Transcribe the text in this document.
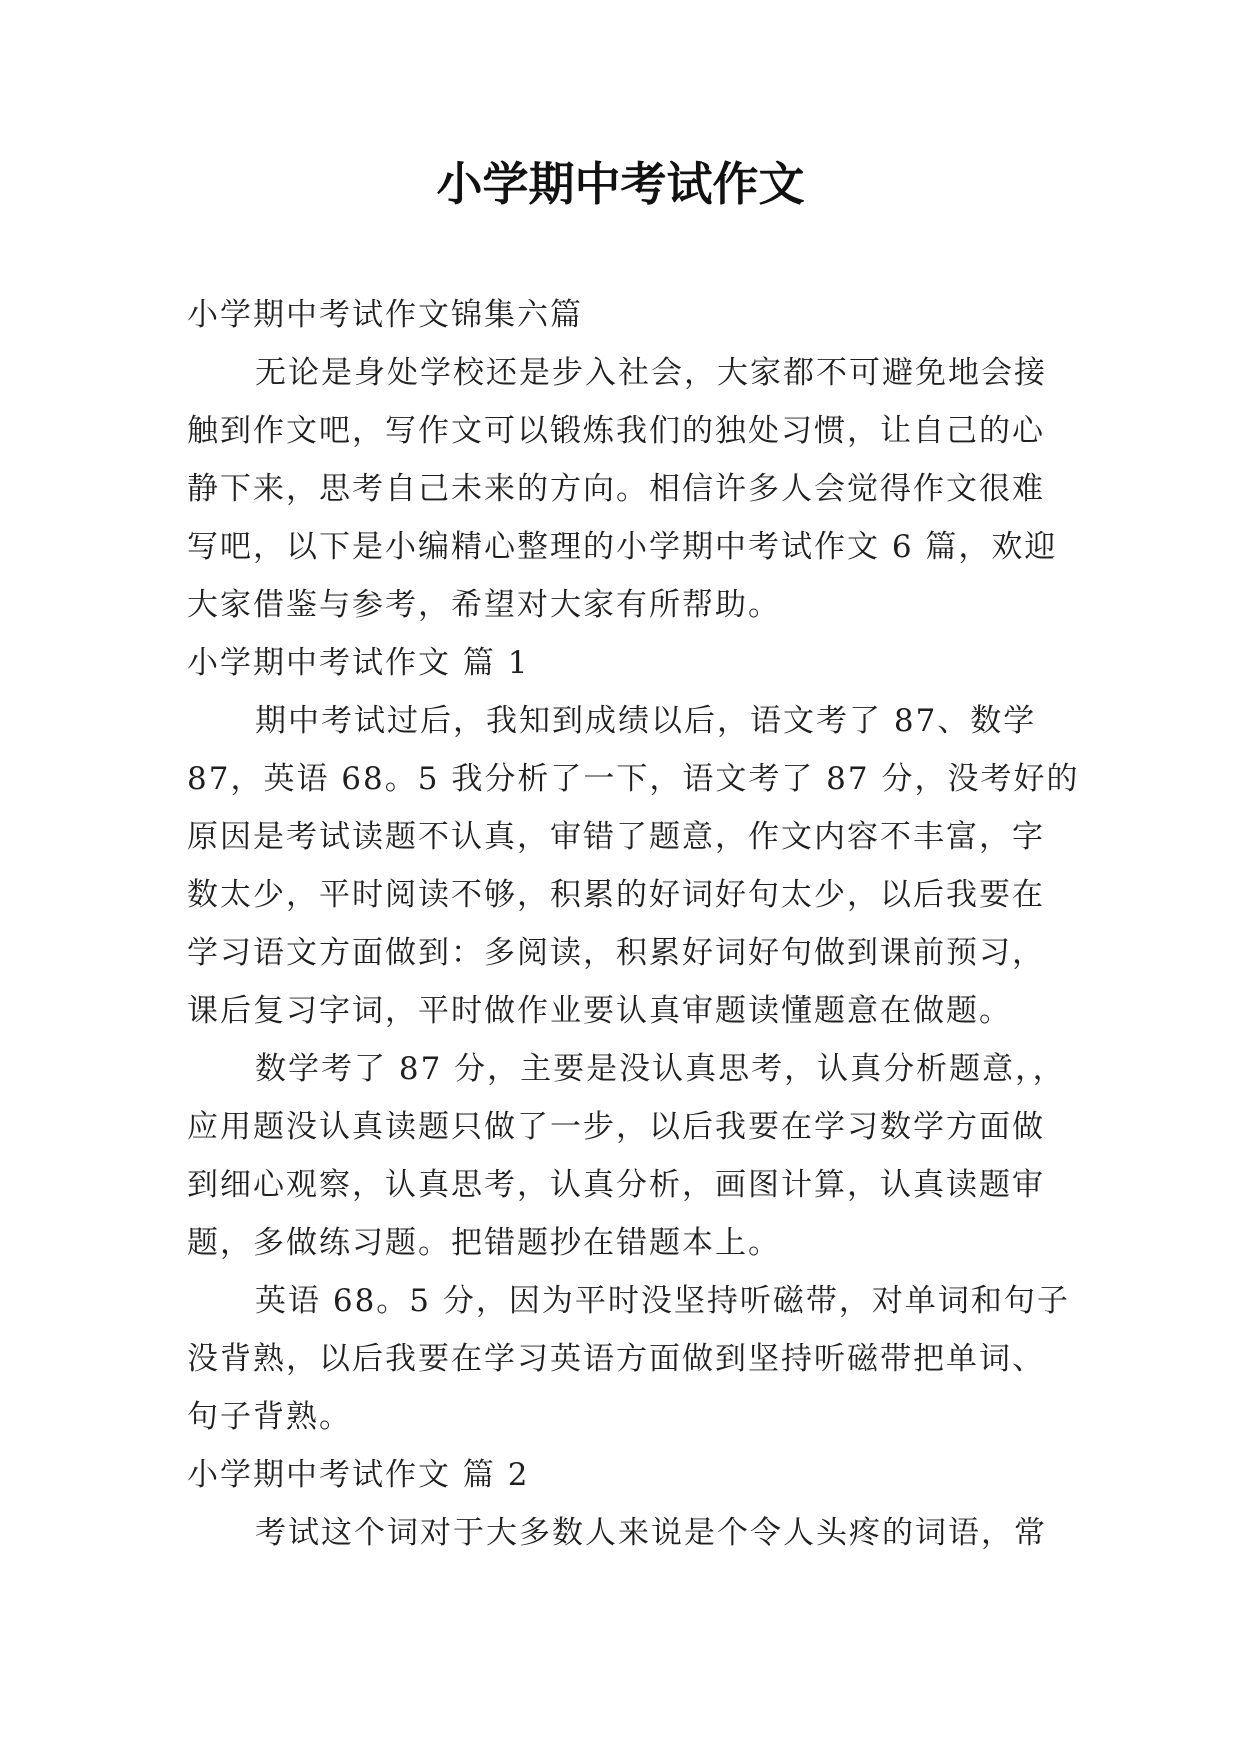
小学期中考试作文

小学期中考试作文锦集六篇

无论是身处学校还是步入社会，大家都不可避免地会接

触到作文吧，写作文可以锻炼我们的独处习惯，让自己的心

静下来，思考自己未来的方向。相信许多人会觉得作文很难

写吧，以下是小编精心整理的小学期中考试作文 6 篇，欢迎

大家借鉴与参考，希望对大家有所帮助。

小学期中考试作文 篇 1

期中考试过后，我知到成绩以后，语文考了 87、数学

87，英语 68。5 我分析了一下，语文考了 87 分，没考好的

原因是考试读题不认真，审错了题意，作文内容不丰富，字

数太少，平时阅读不够，积累的好词好句太少，以后我要在

学习语文方面做到：多阅读，积累好词好句做到课前预习，

课后复习字词，平时做作业要认真审题读懂题意在做题。

数学考了 87 分，主要是没认真思考，认真分析题意，，

应用题没认真读题只做了一步，以后我要在学习数学方面做

到细心观察，认真思考，认真分析，画图计算，认真读题审

题，多做练习题。把错题抄在错题本上。

英语 68。5 分，因为平时没坚持听磁带，对单词和句子

没背熟，以后我要在学习英语方面做到坚持听磁带把单词、

句子背熟。

小学期中考试作文 篇 2

考试这个词对于大多数人来说是个令人头疼的词语，常
